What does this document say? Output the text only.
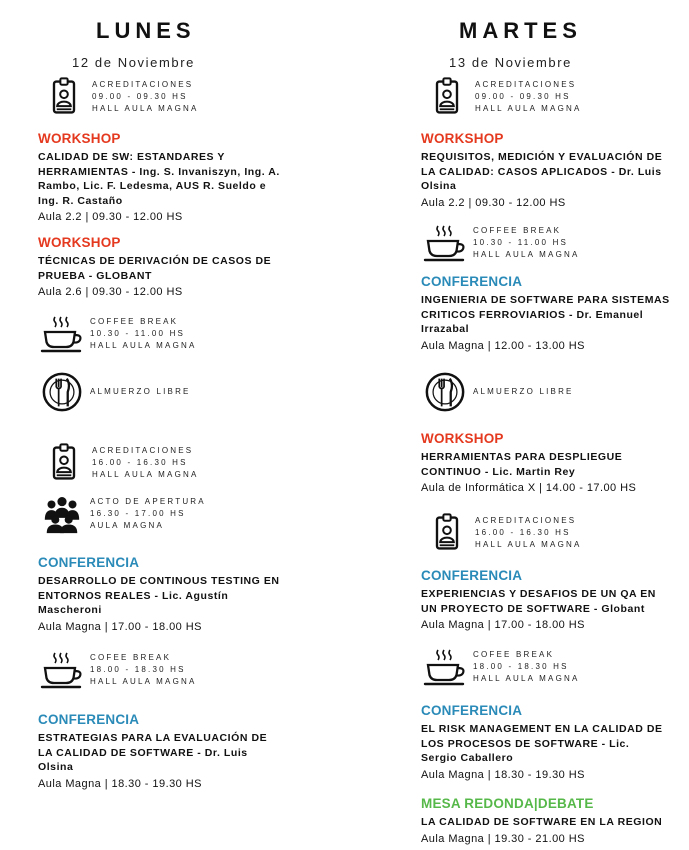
LUNES
12 de Noviembre
ACREDITACIONES
09.00 - 09.30 HS
HALL AULA MAGNA
WORKSHOP
CALIDAD DE SW: ESTANDARES Y HERRAMIENTAS - Ing. S. Invaniszyn, Ing. A. Rambo, Lic. F. Ledesma, AUS R. Sueldo e Ing. R. Castaño
Aula 2.2 | 09.30 - 12.00 HS
WORKSHOP
TÉCNICAS DE DERIVACIÓN DE CASOS DE PRUEBA - GLOBANT
Aula 2.6 | 09.30 - 12.00 HS
COFFEE BREAK
10.30 - 11.00 HS
HALL AULA MAGNA
ALMUERZO LIBRE
ACREDITACIONES
16.00 - 16.30 HS
HALL AULA MAGNA
ACTO DE APERTURA
16.30 - 17.00 HS
AULA MAGNA
CONFERENCIA
DESARROLLO DE CONTINOUS TESTING EN ENTORNOS REALES - Lic. Agustín Mascheroni
Aula Magna | 17.00 - 18.00 HS
COFEE BREAK
18.00 - 18.30 HS
HALL AULA MAGNA
CONFERENCIA
ESTRATEGIAS PARA LA EVALUACIÓN DE LA CALIDAD DE SOFTWARE - Dr. Luis Olsina
Aula Magna | 18.30 - 19.30 HS
MARTES
13 de Noviembre
ACREDITACIONES
09.00 - 09.30 HS
HALL AULA MAGNA
WORKSHOP
REQUISITOS, MEDICIÓN Y EVALUACIÓN DE LA CALIDAD: CASOS APLICADOS - Dr. Luis Olsina
Aula 2.2 | 09.30 - 12.00 HS
COFFEE BREAK
10.30 - 11.00 HS
HALL AULA MAGNA
CONFERENCIA
INGENIERIA DE SOFTWARE PARA SISTEMAS CRITICOS FERROVIARIOS - Dr. Emanuel Irrazabal
Aula Magna | 12.00 - 13.00 HS
ALMUERZO LIBRE
WORKSHOP
HERRAMIENTAS PARA DESPLIEGUE CONTINUO - Lic. Martin Rey
Aula de Informática X | 14.00 - 17.00 HS
ACREDITACIONES
16.00 - 16.30 HS
HALL AULA MAGNA
CONFERENCIA
EXPERIENCIAS Y DESAFIOS DE UN QA EN UN PROYECTO DE SOFTWARE - Globant
Aula Magna | 17.00 - 18.00 HS
COFEE BREAK
18.00 - 18.30 HS
HALL AULA MAGNA
CONFERENCIA
EL RISK MANAGEMENT EN LA CALIDAD DE LOS PROCESOS DE SOFTWARE - Lic. Sergio Caballero
Aula Magna | 18.30 - 19.30 HS
MESA REDONDA|DEBATE
LA CALIDAD DE SOFTWARE EN LA REGION
Aula Magna | 19.30 - 21.00 HS
